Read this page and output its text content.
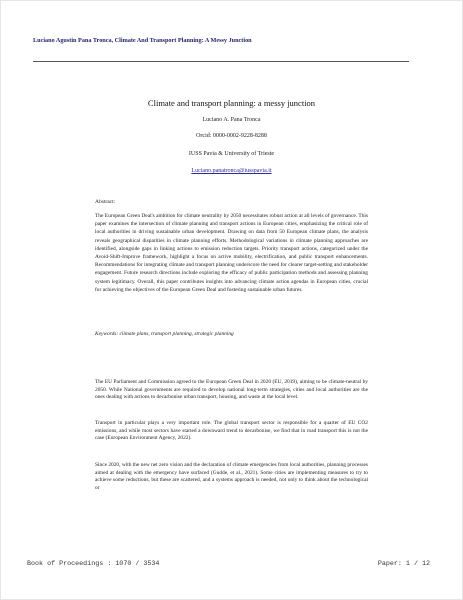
Luciano Agustin Pana Tronca, Climate And Transport Planning: A Messy Junction
Climate and transport planning: a messy junction
Luciano A. Pana Tronca
Orcid: 0000-0002-9228-8288
IUSS Pavia & University of Trieste
Luciano.panatronca@iusspavia.it
Abstract:
The European Green Deal's ambition for climate neutrality by 2050 necessitates robust action at all levels of governance. This paper examines the intersection of climate planning and transport actions in European cities, emphasizing the critical role of local authorities in driving sustainable urban development. Drawing on data from 50 European climate plans, the analysis reveals geographical disparities in climate planning efforts. Methodological variations in climate planning approaches are identified, alongside gaps in linking actions to emission reduction targets. Priority transport actions, categorized under the Avoid-Shift-Improve framework, highlight a focus on active mobility, electrification, and public transport enhancements. Recommendations for integrating climate and transport planning underscore the need for clearer target-setting and stakeholder engagement. Future research directions include exploring the efficacy of public participation methods and assessing planning system legitimacy. Overall, this paper contributes insights into advancing climate action agendas in European cities, crucial for achieving the objectives of the European Green Deal and fostering sustainable urban futures.
Keywords: climate plans, transport planning, strategic planning
The EU Parliament and Commission agreed to the European Green Deal in 2020 (EU, 2019), aiming to be climate-neutral by 2050. While National governments are required to develop national long-term strategies, cities and local authorities are the ones dealing with actions to decarbonise urban transport, housing, and waste at the local level.
Transport in particular plays a very important role. The global transport sector is responsible for a quarter of EU CO2 emissions, and while most sectors have started a downward trend to decarbonise, we find that in road transport this is not the case (European Environment Agency, 2022).
Since 2020, with the new net zero vision and the declaration of climate emergencies from local authorities, planning processes aimed at dealing with the emergency have surfaced (Gudde, et al., 2021). Some cities are implementing measures to try to achieve some reductions, but these are scattered, and a systems approach is needed, not only to think about the technological or
Book of Proceedings : 1070 / 3534	Paper: 1 / 12
